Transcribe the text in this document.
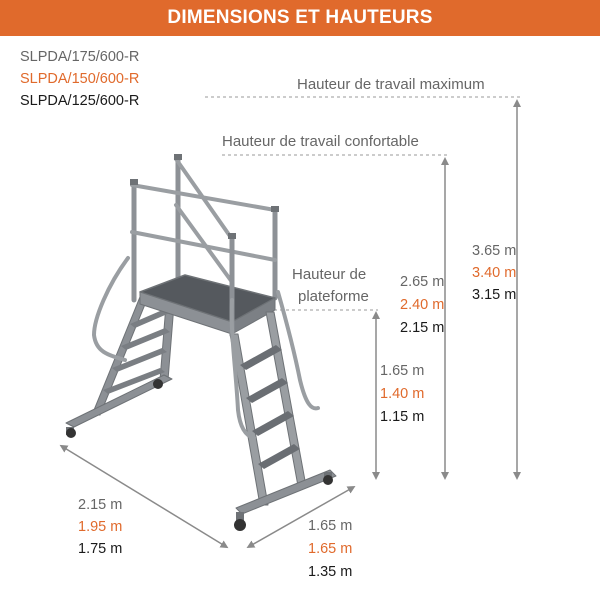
DIMENSIONS ET HAUTEURS
SLPDA/175/600-R
SLPDA/150/600-R
SLPDA/125/600-R
Hauteur de travail maximum
Hauteur de travail confortable
Hauteur de
plateforme
3.65 m
3.40 m
3.15 m
2.65 m
2.40 m
2.15 m
1.65 m
1.40 m
1.15 m
2.15 m
1.95 m
1.75 m
1.65 m
1.65 m
1.35 m
